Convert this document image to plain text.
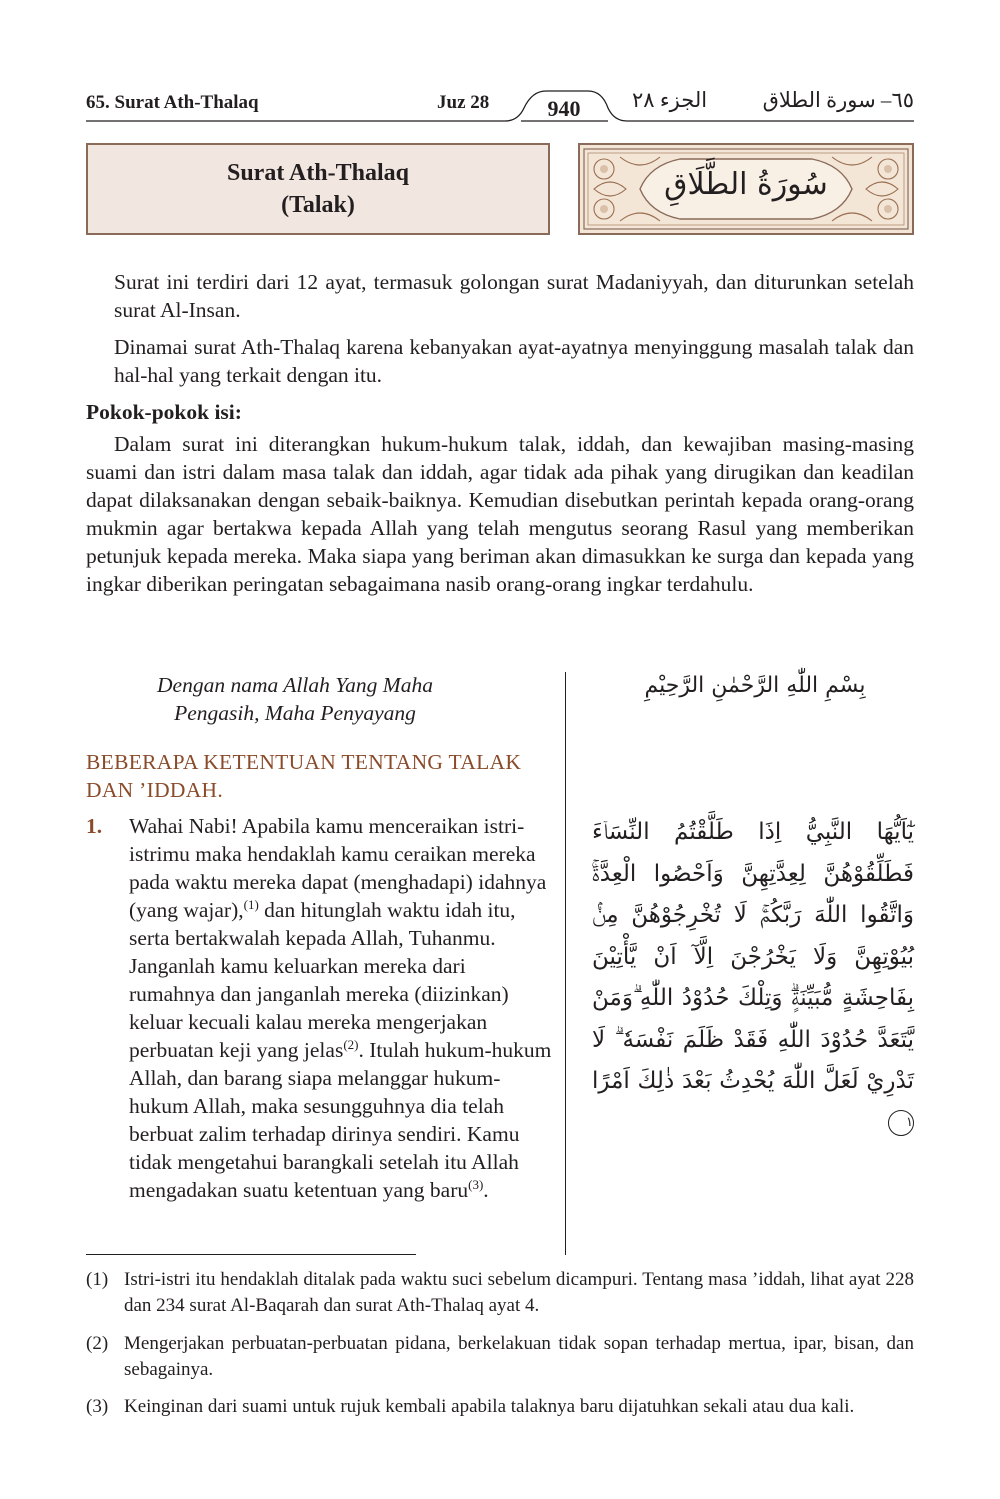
65. Surat Ath-Thalaq	Juz 28	940	الجزء ٢٨	٦٥– سورة الطلاق
Surat Ath-Thalaq
(Talak)
سُورَةُ الطَّلَاقِ
Surat ini terdiri dari 12 ayat, termasuk golongan surat Madaniyyah, dan diturunkan setelah surat Al-Insan.
Dinamai surat Ath-Thalaq karena kebanyakan ayat-ayatnya menyinggung masalah talak dan hal-hal yang terkait dengan itu.
Pokok-pokok isi:
Dalam surat ini diterangkan hukum-hukum talak, iddah, dan kewajiban masing-masing suami dan istri dalam masa talak dan iddah, agar tidak ada pihak yang dirugikan dan keadilan dapat dilaksanakan dengan sebaik-baiknya. Kemudian disebutkan perintah kepada orang-orang mukmin agar bertakwa kepada Allah yang telah mengutus seorang Rasul yang memberikan petunjuk kepada mereka. Maka siapa yang beriman akan dimasukkan ke surga dan kepada yang ingkar diberikan peringatan sebagaimana nasib orang-orang ingkar terdahulu.
Dengan nama Allah Yang Maha
Pengasih, Maha Penyayang
بِسْمِ اللّٰهِ الرَّحْمٰنِ الرَّحِيْمِ
BEBERAPA KETENTUAN TENTANG TALAK
DAN ’IDDAH.
1. Wahai Nabi! Apabila kamu menceraikan istri-istrimu maka hendaklah kamu ceraikan mereka pada waktu mereka dapat (menghadapi) idahnya (yang wajar),$^{(1)}$ dan hitunglah waktu idah itu, serta bertakwalah kepada Allah, Tuhanmu. Janganlah kamu keluarkan mereka dari rumahnya dan janganlah mereka (diizinkan) keluar kecuali kalau mereka mengerjakan perbuatan keji yang jelas$^{(2)}$. Itulah hukum-hukum Allah, dan barang siapa melanggar hukum-hukum Allah, maka sesungguhnya dia telah berbuat zalim terhadap dirinya sendiri. Kamu tidak mengetahui barangkali setelah itu Allah mengadakan suatu ketentuan yang baru$^{(3)}$.
يٰٓاَيُّهَا النَّبِيُّ اِذَا طَلَّقْتُمُ النِّسَاۤءَ فَطَلِّقُوْهُنَّ لِعِدَّتِهِنَّ وَاَحْصُوا الْعِدَّةَۚ وَاتَّقُوا اللّٰهَ رَبَّكُمْۚ لَا تُخْرِجُوْهُنَّ مِنْۢ بُيُوْتِهِنَّ وَلَا يَخْرُجْنَ اِلَّآ اَنْ يَّأْتِيْنَ بِفَاحِشَةٍ مُّبَيِّنَةٍۗ وَتِلْكَ حُدُوْدُ اللّٰهِ ۗوَمَنْ يَّتَعَدَّ حُدُوْدَ اللّٰهِ فَقَدْ ظَلَمَ نَفْسَهٗ ۗ لَا تَدْرِيْ لَعَلَّ اللّٰهَ يُحْدِثُ بَعْدَ ذٰلِكَ اَمْرًا ١
(1) Istri-istri itu hendaklah ditalak pada waktu suci sebelum dicampuri. Tentang masa ’iddah, lihat ayat 228 dan 234 surat Al-Baqarah dan surat Ath-Thalaq ayat 4.
(2) Mengerjakan perbuatan-perbuatan pidana, berkelakuan tidak sopan terhadap mertua, ipar, bisan, dan sebagainya.
(3) Keinginan dari suami untuk rujuk kembali apabila talaknya baru dijatuhkan sekali atau dua kali.
